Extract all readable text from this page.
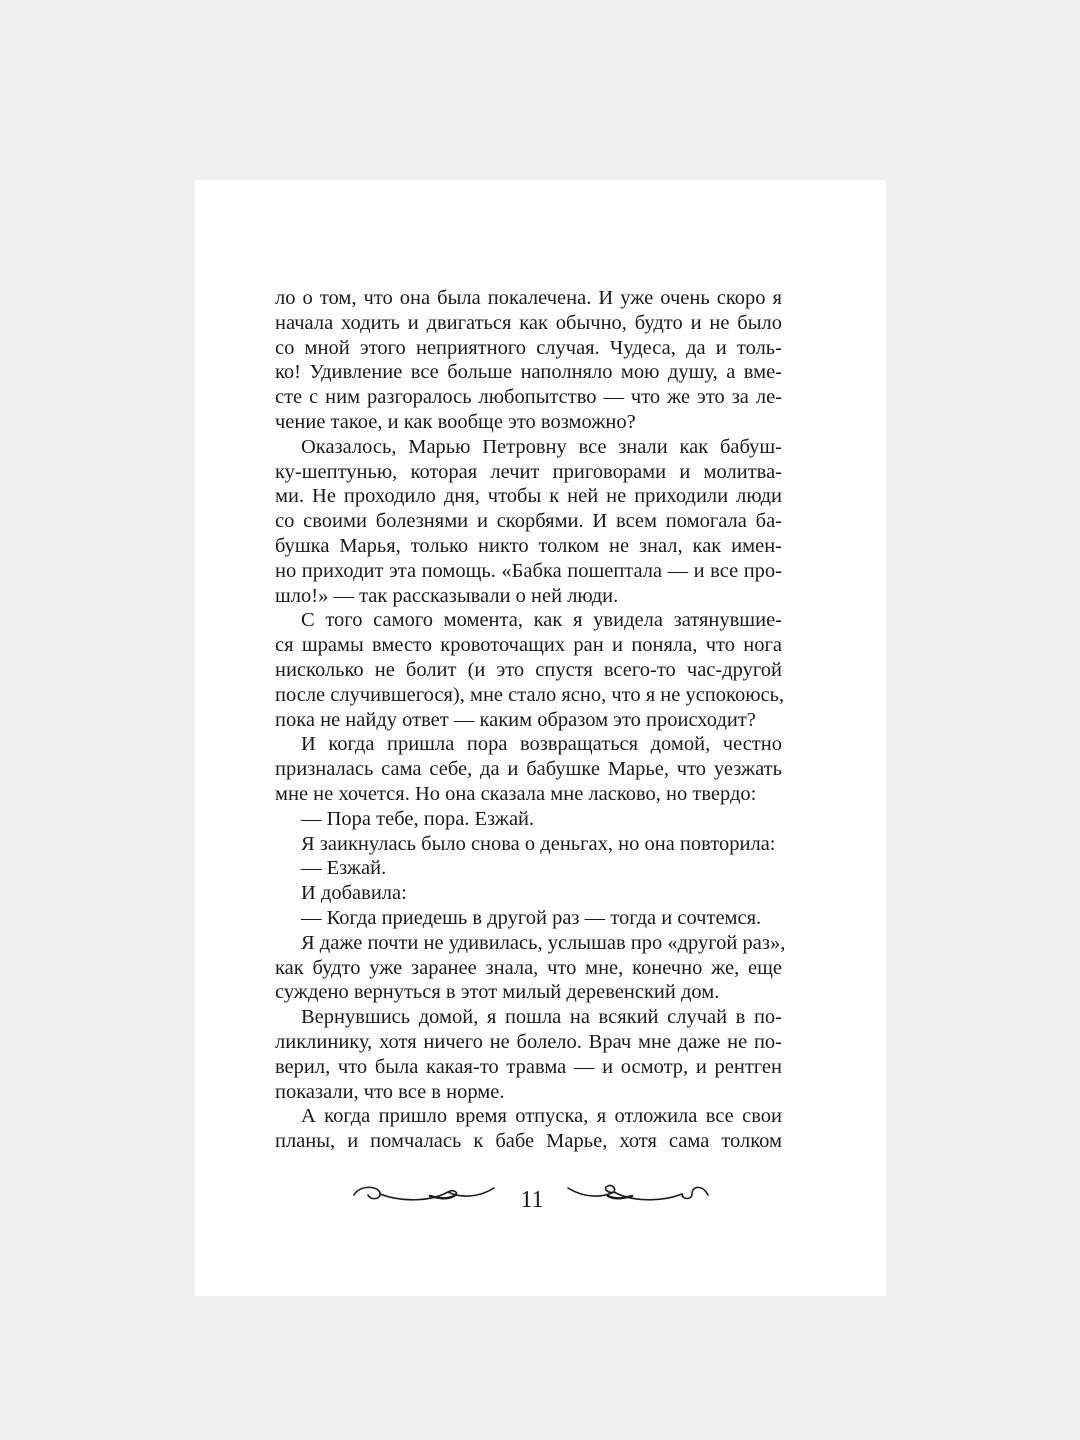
ло о том, что она была покалечена. И уже очень скоро я
начала ходить и двигаться как обычно, будто и не было
со мной этого неприятного случая. Чудеса, да и толь-
ко! Удивление все больше наполняло мою душу, а вме-
сте с ним разгоралось любопытство — что же это за ле-
чение такое, и как вообще это возможно?
Оказалось, Марью Петровну все знали как бабуш-
ку-шептунью, которая лечит приговорами и молитва-
ми. Не проходило дня, чтобы к ней не приходили люди
со своими болезнями и скорбями. И всем помогала ба-
бушка Марья, только никто толком не знал, как имен-
но приходит эта помощь. «Бабка пошептала — и все про-
шло!» — так рассказывали о ней люди.
С того самого момента, как я увидела затянувшие-
ся шрамы вместо кровоточащих ран и поняла, что нога
нисколько не болит (и это спустя всего-то час-другой
после случившегося), мне стало ясно, что я не успокоюсь,
пока не найду ответ — каким образом это происходит?
И когда пришла пора возвращаться домой, честно
призналась сама себе, да и бабушке Марье, что уезжать
мне не хочется. Но она сказала мне ласково, но твердо:
— Пора тебе, пора. Езжай.
Я заикнулась было снова о деньгах, но она повторила:
— Езжай.
И добавила:
— Когда приедешь в другой раз — тогда и сочтемся.
Я даже почти не удивилась, услышав про «другой раз»,
как будто уже заранее знала, что мне, конечно же, еще
суждено вернуться в этот милый деревенский дом.
Вернувшись домой, я пошла на всякий случай в по-
ликлинику, хотя ничего не болело. Врач мне даже не по-
верил, что была какая-то травма — и осмотр, и рентген
показали, что все в норме.
А когда пришло время отпуска, я отложила все свои
планы, и помчалась к бабе Марье, хотя сама толком
11
